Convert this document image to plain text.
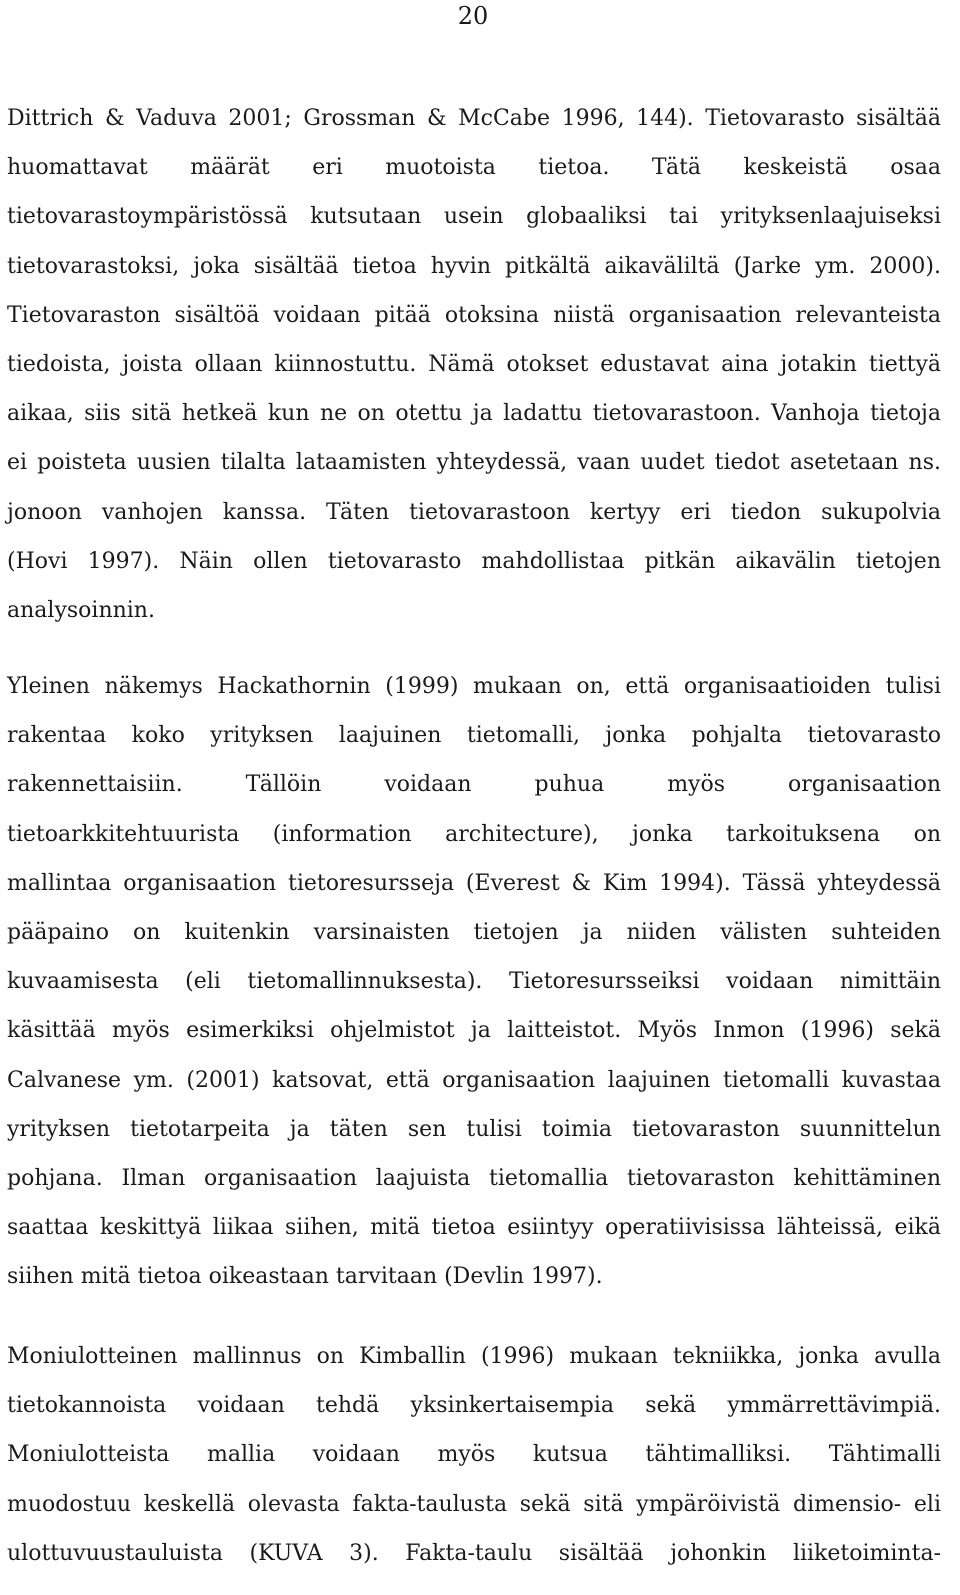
20
Dittrich & Vaduva 2001; Grossman & McCabe 1996, 144). Tietovarasto sisältää
huomattavat määrät eri muotoista tietoa. Tätä keskeistä osaa
tietovarastoympäristössä kutsutaan usein globaaliksi tai yrityksenlaajuiseksi
tietovarastoksi, joka sisältää tietoa hyvin pitkältä aikaväliltä (Jarke ym. 2000).
Tietovaraston sisältöä voidaan pitää otoksina niistä organisaation relevanteista
tiedoista, joista ollaan kiinnostuttu. Nämä otokset edustavat aina jotakin tiettyä
aikaa, siis sitä hetkeä kun ne on otettu ja ladattu tietovarastoon. Vanhoja tietoja
ei poisteta uusien tilalta lataamisten yhteydessä, vaan uudet tiedot asetetaan ns.
jonoon vanhojen kanssa. Täten tietovarastoon kertyy eri tiedon sukupolvia
(Hovi 1997). Näin ollen tietovarasto mahdollistaa pitkän aikavälin tietojen
analysoinnin.
Yleinen näkemys Hackathornin (1999) mukaan on, että organisaatioiden tulisi
rakentaa koko yrityksen laajuinen tietomalli, jonka pohjalta tietovarasto
rakennettaisiin. Tällöin voidaan puhua myös organisaation
tietoarkkitehtuurista (information architecture), jonka tarkoituksena on
mallintaa organisaation tietoresursseja (Everest & Kim 1994). Tässä yhteydessä
pääpaino on kuitenkin varsinaisten tietojen ja niiden välisten suhteiden
kuvaamisesta (eli tietomallinnuksesta). Tietoresursseiksi voidaan nimittäin
käsittää myös esimerkiksi ohjelmistot ja laitteistot. Myös Inmon (1996) sekä
Calvanese ym. (2001) katsovat, että organisaation laajuinen tietomalli kuvastaa
yrityksen tietotarpeita ja täten sen tulisi toimia tietovaraston suunnittelun
pohjana. Ilman organisaation laajuista tietomallia tietovaraston kehittäminen
saattaa keskittyä liikaa siihen, mitä tietoa esiintyy operatiivisissa lähteissä, eikä
siihen mitä tietoa oikeastaan tarvitaan (Devlin 1997).
Moniulotteinen mallinnus on Kimballin (1996) mukaan tekniikka, jonka avulla
tietokannoista voidaan tehdä yksinkertaisempia sekä ymmärrettävimpiä.
Moniulotteista mallia voidaan myös kutsua tähtimalliksi. Tähtimalli
muodostuu keskellä olevasta fakta-taulusta sekä sitä ympäröivistä dimensio- eli
ulottuvuustauluista (KUVA 3). Fakta-taulu sisältää johonkin liiketoiminta-
